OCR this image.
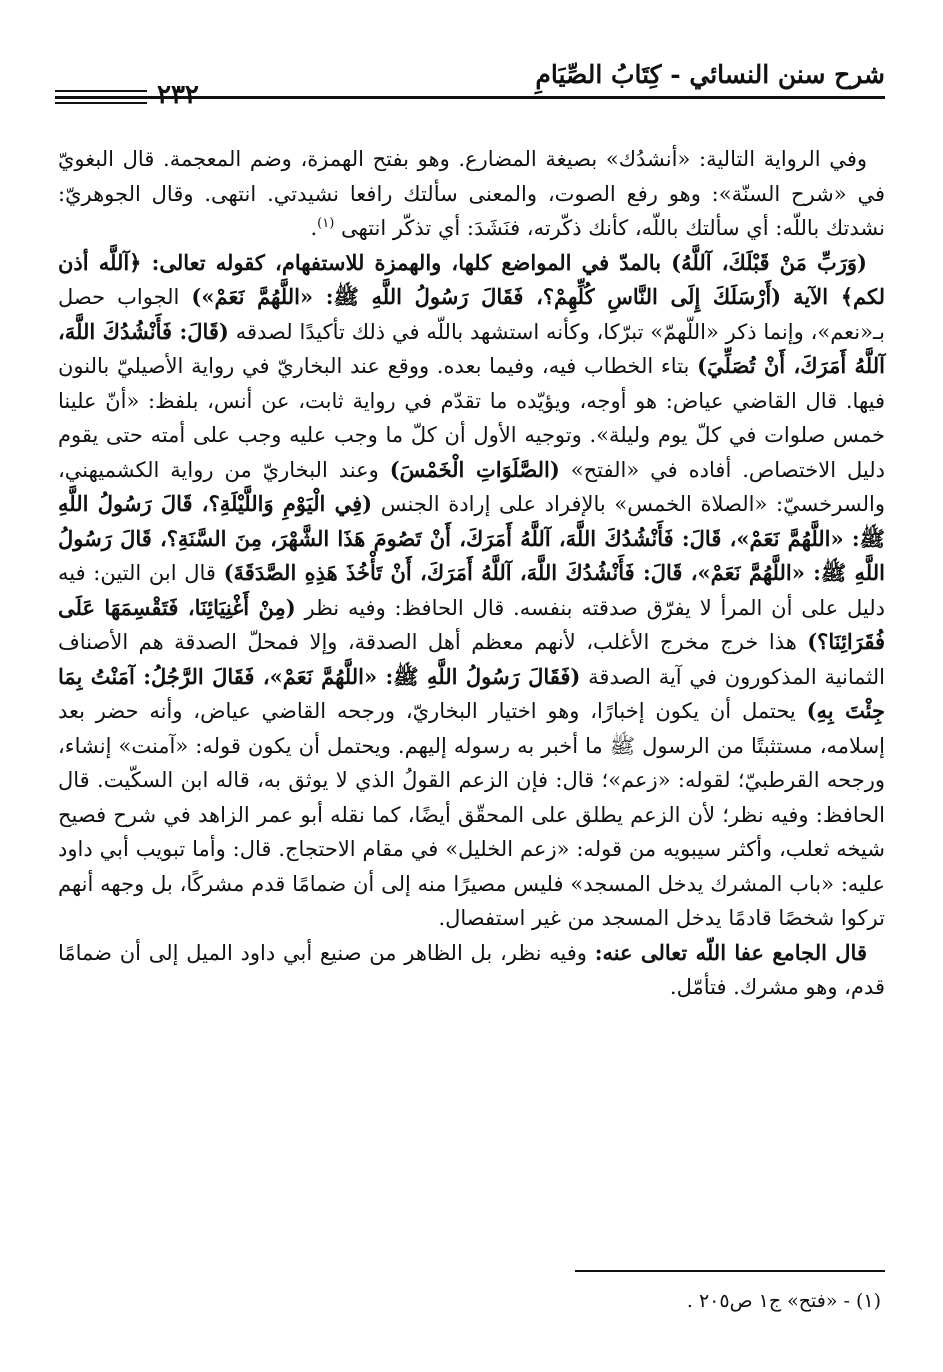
شرح سنن النسائي - كِتَابُ الصِّيَامِ
٢٣٢

وفي الرواية التالية: «أنشدُك» بصيغة المضارع. وهو بفتح الهمزة، وضم المعجمة. قال البغويّ في «شرح السنّة»: وهو رفع الصوت، والمعنى سألتك رافعا نشيدتي. انتهى. وقال الجوهريّ: نشدتك باللّه: أي سألتك باللّه، كأنك ذكّرته، فنَشَدَ: أي تذكّر انتهى $^{(١)}$.

(وَرَبِّ مَنْ قَبْلَكَ، آللَّهُ) بالمدّ في المواضع كلها، والهمزة للاستفهام، كقوله تعالى: ﴿آللَّه أذن لكم﴾ الآية (أَرْسَلَكَ إِلَى النَّاسِ كُلِّهِمْ؟، فَقَالَ رَسُولُ اللَّهِ ﷺ: «اللَّهُمَّ نَعَمْ») الجواب حصل بـ«نعم»، وإنما ذكر «اللّهمّ» تبرّكا، وكأنه استشهد باللّه في ذلك تأكيدًا لصدقه (قَالَ: فَأَنْشُدُكَ اللَّهَ، آللَّهُ أَمَرَكَ، أَنْ تُصَلِّيَ) بتاء الخطاب فيه، وفيما بعده. ووقع عند البخاريّ في رواية الأصيليّ بالنون فيها. قال القاضي عياض: هو أوجه، ويؤيّده ما تقدّم في رواية ثابت، عن أنس، بلفظ: «أنّ علينا خمس صلوات في كلّ يوم وليلة». وتوجيه الأول أن كلّ ما وجب عليه وجب على أمته حتى يقوم دليل الاختصاص. أفاده في «الفتح» (الصَّلَوَاتِ الْخَمْسَ) وعند البخاريّ من رواية الكشميهني، والسرخسيّ: «الصلاة الخمس» بالإفراد على إرادة الجنس (فِي الْيَوْمِ وَاللَّيْلَةِ؟، قَالَ رَسُولُ اللَّهِ ﷺ: «اللَّهُمَّ نَعَمْ»، قَالَ: فَأَنْشُدُكَ اللَّهَ، آللَّهُ أَمَرَكَ، أَنْ تَصُومَ هَذَا الشَّهْرَ، مِنَ السَّنَةِ؟، قَالَ رَسُولُ اللَّهِ ﷺ: «اللَّهُمَّ نَعَمْ»، قَالَ: فَأَنْشُدُكَ اللَّهَ، آللَّهُ أَمَرَكَ، أَنْ تَأْخُذَ هَذِهِ الصَّدَقَةَ) قال ابن التين: فيه دليل على أن المرأ لا يفرّق صدقته بنفسه. قال الحافظ: وفيه نظر (مِنْ أَغْنِيَائِنَا، فَتَقْسِمَهَا عَلَى فُقَرَائِنَا؟) هذا خرج مخرج الأغلب، لأنهم معظم أهل الصدقة، وإلا فمحلّ الصدقة هم الأصناف الثمانية المذكورون في آية الصدقة (فَقَالَ رَسُولُ اللَّهِ ﷺ: «اللَّهُمَّ نَعَمْ»، فَقَالَ الرَّجُلُ: آمَنْتُ بِمَا جِئْتَ بِهِ) يحتمل أن يكون إخبارًا، وهو اختيار البخاريّ، ورجحه القاضي عياض، وأنه حضر بعد إسلامه، مستثبتًا من الرسول ﷺ ما أخبر به رسوله إليهم. ويحتمل أن يكون قوله: «آمنت» إنشاء، ورجحه القرطبيّ؛ لقوله: «زعم»؛ قال: فإن الزعم القولُ الذي لا يوثق به، قاله ابن السكّيت. قال الحافظ: وفيه نظر؛ لأن الزعم يطلق على المحقّق أيضًا، كما نقله أبو عمر الزاهد في شرح فصيح شيخه ثعلب، وأكثر سيبويه من قوله: «زعم الخليل» في مقام الاحتجاج. قال: وأما تبويب أبي داود عليه: «باب المشرك يدخل المسجد» فليس مصيرًا منه إلى أن ضمامًا قدم مشركًا، بل وجهه أنهم تركوا شخصًا قادمًا يدخل المسجد من غير استفصال.

قال الجامع عفا اللّه تعالى عنه: وفيه نظر، بل الظاهر من صنيع أبي داود الميل إلى أن ضمامًا قدم، وهو مشرك. فتأمّل.

(١) - «فتح» ج١ ص٢٠٥ .
